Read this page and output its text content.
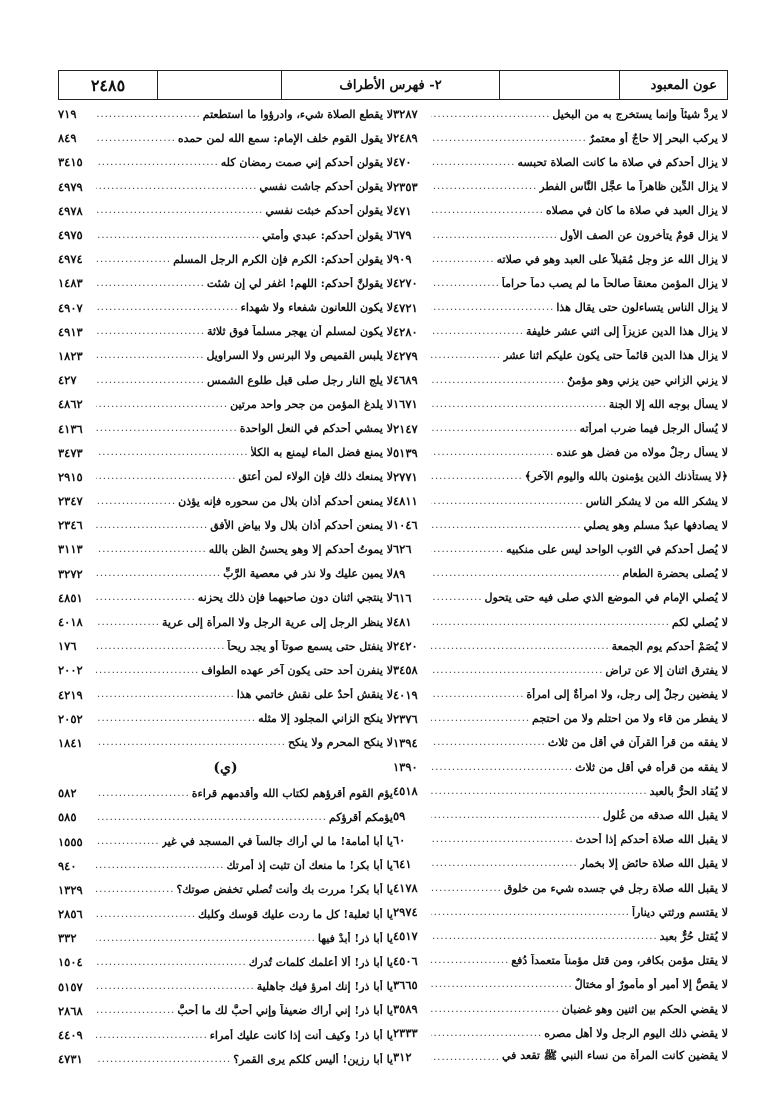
عون المعبود
٢- فهرس الأطراف
٢٤٨٥
لا يردُّ شيئاً وإنما يستخرج به من البخيل
.....
٣٢٨٧
لا يركب البحر إلا حاجٌ أو معتمرٌ
.....
٢٤٨٩
لا يزال أحدكم في صلاة ما كانت الصلاة تحبسه
.....
٤٧٠
لا يزال الدِّين ظاهراً ما عجَّل النَّاس الفطر
.....
٢٣٥٣
لا يزال العبد في صلاة ما كان في مصلاه
.....
٤٧١
لا يزال قومٌ يتأخرون عن الصف الأول
.....
٦٧٩
لا يزال الله عز وجل مُقبلاً على العبد وهو في صلاته
.....
٩٠٩
لا يزال المؤمن معنقاً صالحاً ما لم يصب دماً حراماً
.....
٤٢٧٠
لا يزال الناس يتساءلون حتى يقال هذا
.....
٤٧٢١
لا يزال هذا الدين عزيزاً إلى اثني عشر خليفة
.....
٤٢٨٠
لا يزال هذا الدين قائماً حتى يكون عليكم اثنا عشر
.....
٤٢٧٩
لا يزني الزاني حين يزني وهو مؤمنٌ
.....
٤٦٨٩
لا يسأل بوجه الله إلا الجنة
.....
١٦٧١
لا يُسأل الرجل فيما ضرب امرأته
.....
٢١٤٧
لا يسأل رجلٌ مولاه من فضل هو عنده
.....
٥١٣٩
﴿لا يستأذنك الذين يؤمنون بالله واليوم الآخر﴾
.....
٢٧٧١
لا يشكر الله من لا يشكر الناس
.....
٤٨١١
لا يصادفها عبدٌ مسلم وهو يصلي
.....
١٠٤٦
لا يُصل أحدكم في الثوب الواحد ليس على منكبيه
.....
٦٢٦
لا يُصلى بحضرة الطعام
.....
٨٩
لا يُصلي الإمام في الموضع الذي صلى فيه حتى يتحول
.....
٦١٦
لا يُصلي لكم
.....
٤٨١
لا يُصَمْ أحدكم يوم الجمعة
.....
٢٤٢٠
لا يفترق اثنان إلا عن تراض
.....
٣٤٥٨
لا يفضين رجلٌ إلى رجل، ولا امرأةٌ إلى امرأة
.....
٤٠١٩
لا يفطر من قاء ولا من احتلم ولا من احتجم
.....
٢٣٧٦
لا يفقه من قرأ القرآن في أقل من ثلاث
.....
١٣٩٤
لا يفقه من قرأه في أقل من ثلاث
.....
١٣٩٠
لا يُقاد الحرُّ بالعبد
.....
٤٥١٨
لا يقبل الله صدقه من غُلول
.....
٥٩
لا يقبل الله صلاة أحدكم إذا أحدث
.....
٦٠
لا يقبل الله صلاة حائض إلا بخمار
.....
٦٤١
لا يقبل الله صلاة رجل في جسده شيء من خلوق
.....
٤١٧٨
لا يقتسم ورثتي ديناراً
.....
٢٩٧٤
لا يُقتل حُرٌّ بعبد
.....
٤٥١٧
لا يقتل مؤمن بكافر، ومن قتل مؤمناً متعمداً دُفع
.....
٤٥٠٦
لا يقصُّ إلا أمير أو مأمورٌ أو مختالٌ
.....
٣٦٦٥
لا يقضي الحكم بين اثنين وهو غضبان
.....
٣٥٨٩
لا يقضي ذلك اليوم الرجل ولا أهل مصره
.....
٢٣٣٣
لا يقضين كانت المرأة من نساء النبي ﷺ تقعد في
.....
٣١٢
لا يقطع الصلاة شيء، وادرؤوا ما استطعتم
.....
٧١٩
لا يقول القوم خلف الإمام: سمع الله لمن حمده
.....
٨٤٩
لا يقولن أحدكم إني صمت رمضان كله
.....
٣٤١٥
لا يقولن أحدكم جاشت نفسي
.....
٤٩٧٩
لا يقولن أحدكم خبثت نفسي
.....
٤٩٧٨
لا يقولن أحدكم: عبدي وأمتي
.....
٤٩٧٥
لا يقولن أحدكم: الكرم فإن الكرم الرجل المسلم
.....
٤٩٧٤
لا يقولنَّ أحدكم: اللهم! اغفر لي إن شئت
.....
١٤٨٣
لا يكون اللعانون شفعاء ولا شهداء
.....
٤٩٠٧
لا يكون لمسلم أن يهجر مسلماً فوق ثلاثة
.....
٤٩١٣
لا يلبس القميص ولا البرنس ولا السراويل
.....
١٨٢٣
لا يلج النار رجل صلى قبل طلوع الشمس
.....
٤٢٧
لا يلدغ المؤمن من جحر واحد مرتين
.....
٤٨٦٢
لا يمشي أحدكم في النعل الواحدة
.....
٤١٣٦
لا يمنع فضل الماء ليمنع به الكلأ
.....
٣٤٧٣
لا يمنعك ذلك فإن الولاء لمن أعتق
.....
٢٩١٥
لا يمنعن أحدكم أذان بلال من سحوره فإنه يؤذن
.....
٢٣٤٧
لا يمنعن أحدكم أذان بلال ولا بياض الأفق
.....
٢٣٤٦
لا يموتُ أحدكم إلا وهو يحسنُ الظن بالله
.....
٣١١٣
لا يمين عليك ولا نذر في معصية الرَّبِّ
.....
٣٢٧٢
لا ينتجي اثنان دون صاحبهما فإن ذلك يحزنه
.....
٤٨٥١
لا ينظر الرجل إلى عرية الرجل ولا المرأة إلى عرية
.....
٤٠١٨
لا ينفتل حتى يسمع صوتاً أو يجد ريحاً
.....
١٧٦
لا ينفرن أحد حتى يكون آخر عهده الطواف
.....
٢٠٠٢
لا ينقش أحدٌ على نقش خاتمي هذا
.....
٤٢١٩
لا ينكح الزاني المجلود إلا مثله
.....
٢٠٥٢
لا ينكح المحرم ولا ينكح
.....
١٨٤١
(ي)
يؤم القوم أقرؤهم لكتاب الله وأقدمهم قراءة
.....
٥٨٢
يؤمكم أقرؤكم
.....
٥٨٥
يا أبا أمامة! ما لي أراك جالساً في المسجد في غير
.....
١٥٥٥
يا أبا بكر! ما منعك أن تثبت إذ أمرتك
.....
٩٤٠
يا أبا بكر! مررت بك وأنت تُصلي تخفض صوتك؟
.....
١٣٢٩
يا أبا ثعلبة! كل ما ردت عليك قوسك وكلبك
.....
٢٨٥٦
يا أبا ذر! أبدْ فيها
.....
٣٣٢
يا أبا ذر! ألا أعلمك كلمات تُدرك
.....
١٥٠٤
يا أبا ذر! إنك امرؤ فيك جاهلية
.....
٥١٥٧
يا أبا ذر! إني أراك ضعيفاً وإني أُحبُّ لك ما أُحبُّ
.....
٢٨٦٨
يا أبا ذر! وكيف أنت إذا كانت عليك أمراء
.....
٤٤٠٩
يا أبا رزين! أليس كلكم يرى القمر؟
.....
٤٧٣١
